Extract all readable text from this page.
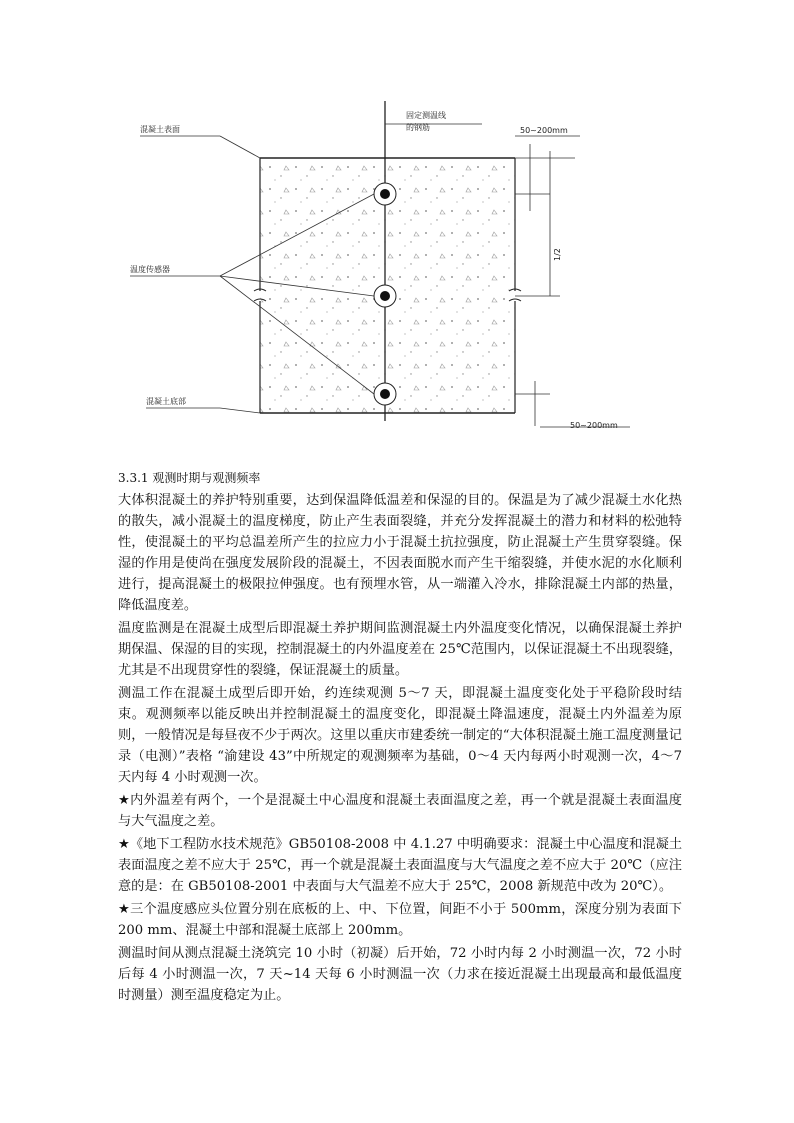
固定测温线
的钢筋
混凝土表面
温度传感器
混凝土底部
50~200mm
50~200mm
1/2

3.3.1 观测时期与观测频率

大体积混凝土的养护特别重要，达到保温降低温差和保湿的目的。保温是为了减少混凝土水化热的散失，减小混凝土的温度梯度，防止产生表面裂缝，并充分发挥混凝土的潜力和材料的松弛特性，使混凝土的平均总温差所产生的拉应力小于混凝土抗拉强度，防止混凝土产生贯穿裂缝。保湿的作用是使尚在强度发展阶段的混凝土，不因表面脱水而产生干缩裂缝，并使水泥的水化顺利进行，提高混凝土的极限拉伸强度。也有预埋水管，从一端灌入冷水，排除混凝土内部的热量，降低温度差。

温度监测是在混凝土成型后即混凝土养护期间监测混凝土内外温度变化情况，以确保混凝土养护期保温、保湿的目的实现，控制混凝土的内外温度差在 25℃范围内，以保证混凝土不出现裂缝，尤其是不出现贯穿性的裂缝，保证混凝土的质量。

测温工作在混凝土成型后即开始，约连续观测 5～7 天，即混凝土温度变化处于平稳阶段时结束。观测频率以能反映出并控制混凝土的温度变化，即混凝土降温速度，混凝土内外温差为原则，一般情况是每昼夜不少于两次。这里以重庆市建委统一制定的“大体积混凝土施工温度测量记录（电测）”表格 “渝建设 43”中所规定的观测频率为基础，0～4 天内每两小时观测一次，4～7 天内每 4 小时观测一次。

★内外温差有两个，一个是混凝土中心温度和混凝土表面温度之差，再一个就是混凝土表面温度与大气温度之差。

★《地下工程防水技术规范》GB50108-2008 中 4.1.27 中明确要求：混凝土中心温度和混凝土表面温度之差不应大于 25℃，再一个就是混凝土表面温度与大气温度之差不应大于 20℃（应注意的是：在 GB50108-2001 中表面与大气温差不应大于 25℃，2008 新规范中改为 20℃）。

★三个温度感应头位置分别在底板的上、中、下位置，间距不小于 500mm，深度分别为表面下 200 mm、混凝土中部和混凝土底部上 200mm。

测温时间从测点混凝土浇筑完 10 小时（初凝）后开始，72 小时内每 2 小时测温一次，72 小时后每 4 小时测温一次，7 天~14 天每 6 小时测温一次（力求在接近混凝土出现最高和最低温度时测量）测至温度稳定为止。
